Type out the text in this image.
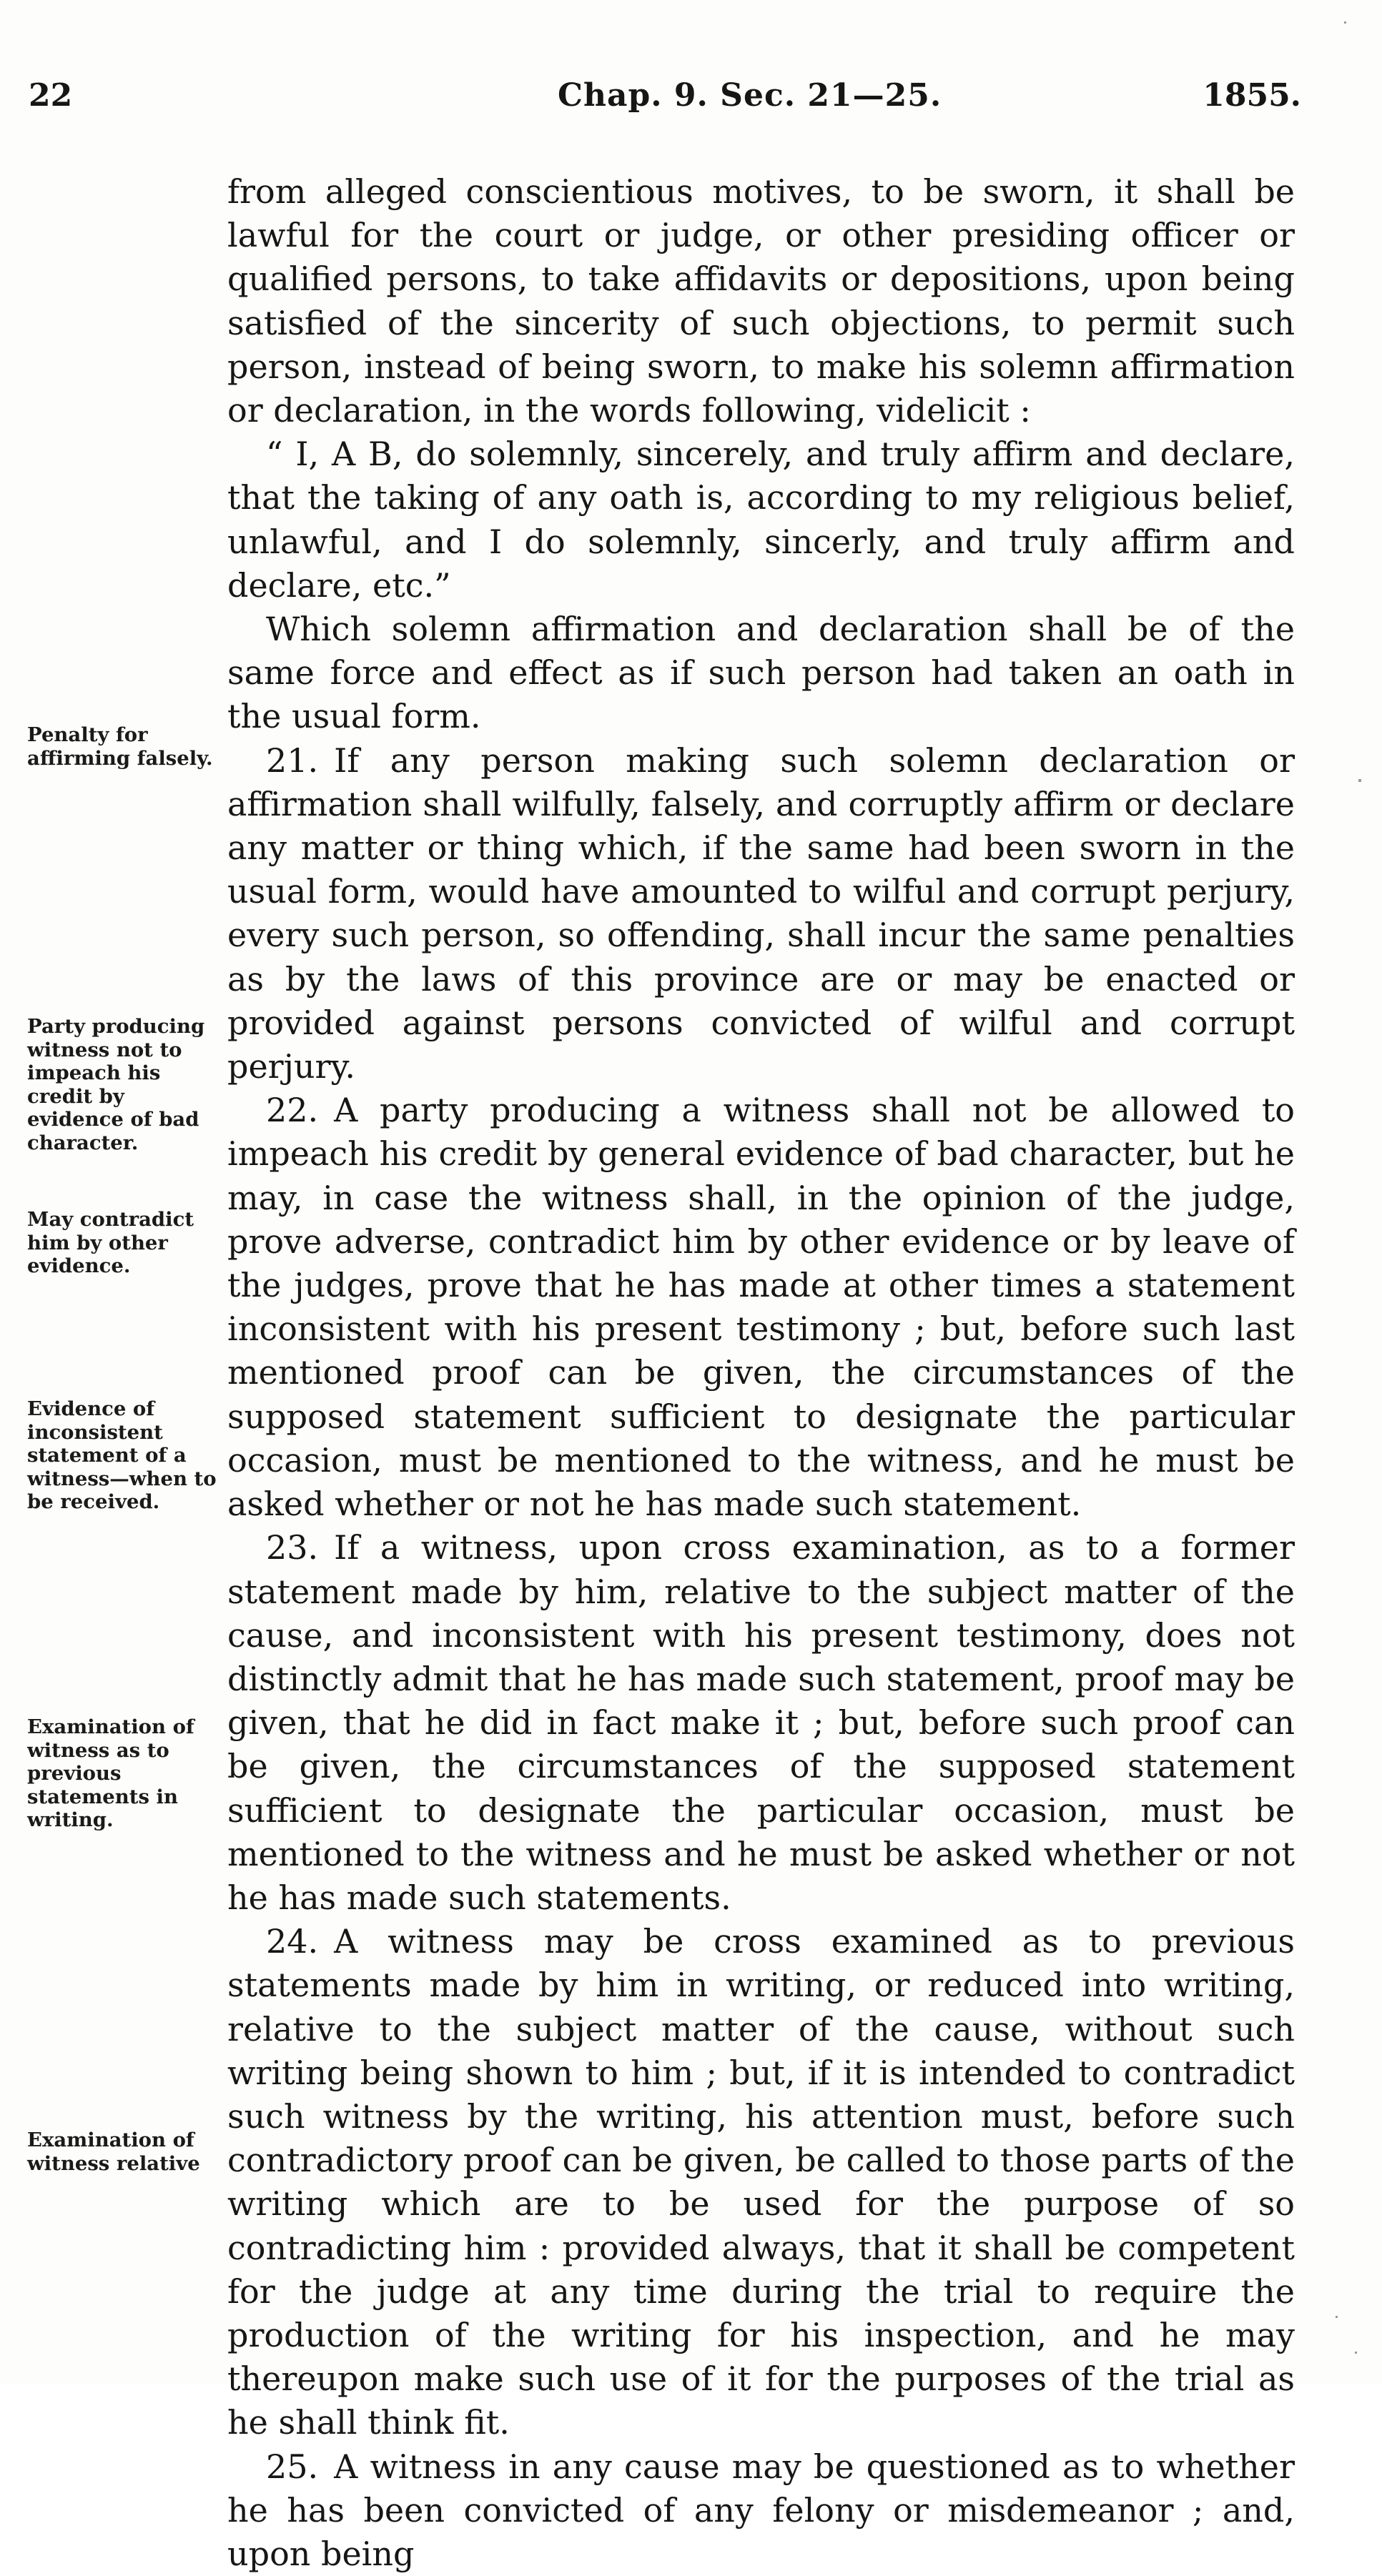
22	Chap. 9. Sec. 21—25.	1855.
Penalty for affirming falsely.
Party producing witness not to impeach his credit by evidence of bad character.
May contradict him by other evidence.
Evidence of inconsistent statement of a witness—when to be received.
Examination of witness as to previous statements in writing.
Examination of witness relative

from alleged conscientious motives, to be sworn, it shall be lawful for the court or judge, or other presiding officer or qualified persons, to take affidavits or depositions, upon being satisfied of the sincerity of such objections, to permit such person, instead of being sworn, to make his solemn affirmation or declaration, in the words following, videlicit :

“ I, A B, do solemnly, sincerely, and truly affirm and declare, that the taking of any oath is, according to my religious belief, unlawful, and I do solemnly, sincerly, and truly affirm and declare, etc.”

Which solemn affirmation and declaration shall be of the same force and effect as if such person had taken an oath in the usual form.

21. If any person making such solemn declaration or affirmation shall wilfully, falsely, and corruptly affirm or declare any matter or thing which, if the same had been sworn in the usual form, would have amounted to wilful and corrupt perjury, every such person, so offending, shall incur the same penalties as by the laws of this province are or may be enacted or provided against persons convicted of wilful and corrupt perjury.

22. A party producing a witness shall not be allowed to impeach his credit by general evidence of bad character, but he may, in case the witness shall, in the opinion of the judge, prove adverse, contradict him by other evidence or by leave of the judges, prove that he has made at other times a statement inconsistent with his present testimony ; but, before such last mentioned proof can be given, the circumstances of the supposed statement sufficient to designate the particular occasion, must be mentioned to the witness, and he must be asked whether or not he has made such statement.

23. If a witness, upon cross examination, as to a former statement made by him, relative to the subject matter of the cause, and inconsistent with his present testimony, does not distinctly admit that he has made such statement, proof may be given, that he did in fact make it ; but, before such proof can be given, the circumstances of the supposed statement sufficient to designate the particular occasion, must be mentioned to the witness and he must be asked whether or not he has made such statements.

24. A witness may be cross examined as to previous statements made by him in writing, or reduced into writing, relative to the subject matter of the cause, without such writing being shown to him ; but, if it is intended to contradict such witness by the writing, his attention must, before such contradictory proof can be given, be called to those parts of the writing which are to be used for the purpose of so contradicting him : provided always, that it shall be competent for the judge at any time during the trial to require the production of the writing for his inspection, and he may thereupon make such use of it for the purposes of the trial as he shall think fit.

25. A witness in any cause may be questioned as to whether he has been convicted of any felony or misdemeanor ; and, upon being
